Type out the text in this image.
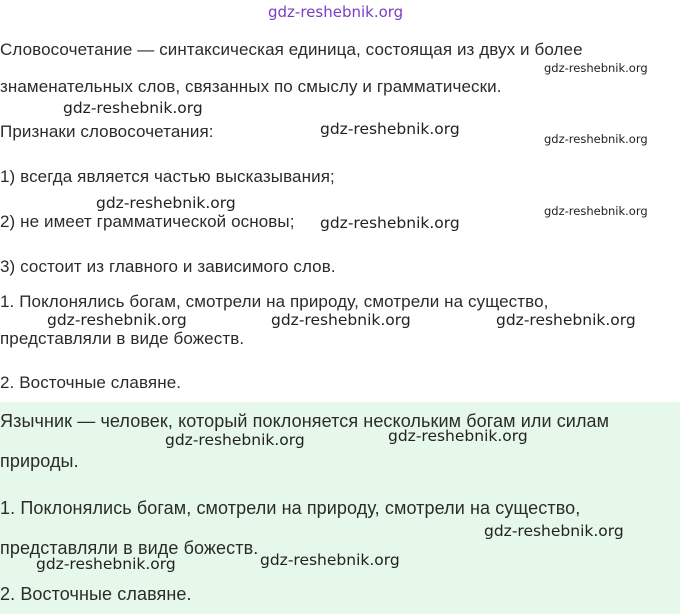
gdz-reshebnik.org
Словосочетание — синтаксическая единица, состоящая из двух и более
знаменательных слов, связанных по смыслу и грамматически.
Признаки словосочетания:
1) всегда является частью высказывания;
2) не имеет грамматической основы;
3) состоит из главного и зависимого слов.
1. Поклонялись богам, смотрели на природу, смотрели на существо,
представляли в виде божеств.
2. Восточные славяне.
Язычник — человек, который поклоняется нескольким богам или силам
природы.
1. Поклонялись богам, смотрели на природу, смотрели на существо,
представляли в виде божеств.
2. Восточные славяне.
gdz-reshebnik.org
gdz-reshebnik.org
gdz-reshebnik.org
gdz-reshebnik.org
gdz-reshebnik.org	gdz-reshebnik.org
gdz-reshebnik.org
gdz-reshebnik.org	gdz-reshebnik.org	gdz-reshebnik.org
gdz-reshebnik.org	gdz-reshebnik.org
gdz-reshebnik.org
gdz-reshebnik.org	gdz-reshebnik.org
